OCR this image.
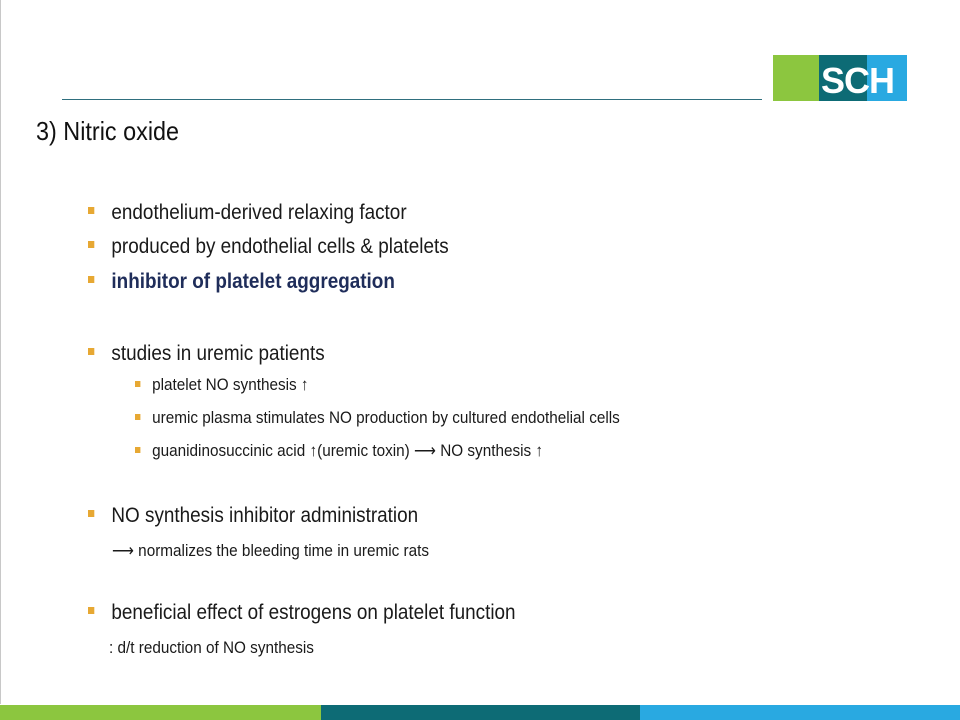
SCH
3) Nitric oxide
endothelium-derived relaxing factor
produced by endothelial cells & platelets
inhibitor of platelet aggregation
studies in uremic patients
platelet NO synthesis ↑
uremic plasma stimulates NO production by cultured endothelial cells
guanidinosuccinic acid ↑(uremic toxin) ⟶ NO synthesis ↑
NO synthesis inhibitor administration
⟶ normalizes the bleeding time in uremic rats
beneficial effect of estrogens on platelet function
: d/t reduction of NO synthesis
